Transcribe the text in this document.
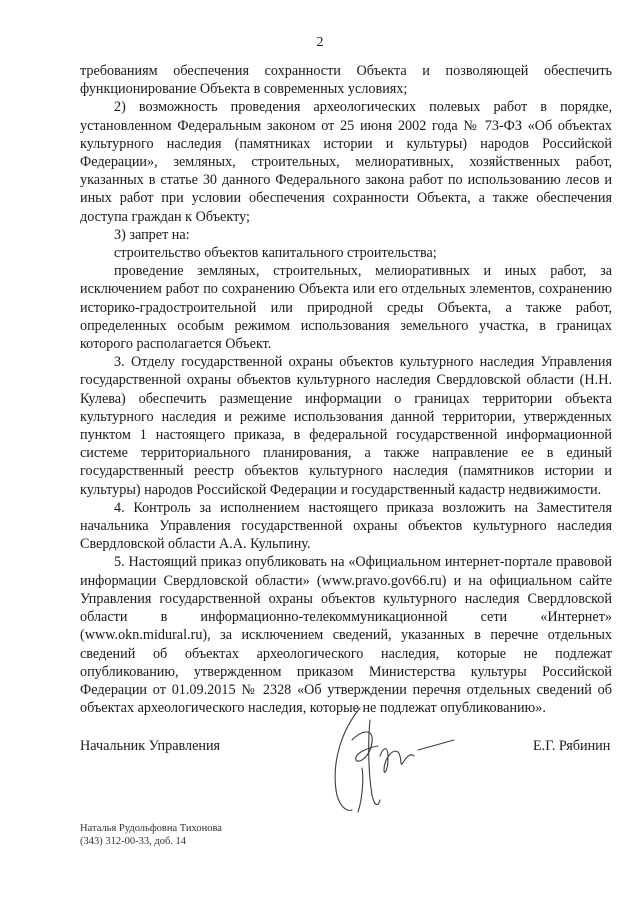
2

требованиям обеспечения сохранности Объекта и позволяющей обеспечить функционирование Объекта в современных условиях;

2) возможность проведения археологических полевых работ в порядке, установленном Федеральным законом от 25 июня 2002 года № 73-ФЗ «Об объектах культурного наследия (памятниках истории и культуры) народов Российской Федерации», земляных, строительных, мелиоративных, хозяйственных работ, указанных в статье 30 данного Федерального закона работ по использованию лесов и иных работ при условии обеспечения сохранности Объекта, а также обеспечения доступа граждан к Объекту;

3) запрет на:

строительство объектов капитального строительства;

проведение земляных, строительных, мелиоративных и иных работ, за исключением работ по сохранению Объекта или его отдельных элементов, сохранению историко-градостроительной или природной среды Объекта, а также работ, определенных особым режимом использования земельного участка, в границах которого располагается Объект.

3. Отделу государственной охраны объектов культурного наследия Управления государственной охраны объектов культурного наследия Свердловской области (Н.Н. Кулева) обеспечить размещение информации о границах территории объекта культурного наследия и режиме использования данной территории, утвержденных пунктом 1 настоящего приказа, в федеральной государственной информационной системе территориального планирования, а также направление ее в единый государственный реестр объектов культурного наследия (памятников истории и культуры) народов Российской Федерации и государственный кадастр недвижимости.

4. Контроль за исполнением настоящего приказа возложить на Заместителя начальника Управления государственной охраны объектов культурного наследия Свердловской области А.А. Кульпину.

5. Настоящий приказ опубликовать на «Официальном интернет-портале правовой информации Свердловской области» (www.pravo.gov66.ru) и на официальном сайте Управления государственной охраны объектов культурного наследия Свердловской области в информационно-телекоммуникационной сети «Интернет» (www.okn.midural.ru), за исключением сведений, указанных в перечне отдельных сведений об объектах археологического наследия, которые не подлежат опубликованию, утвержденном приказом Министерства культуры Российской Федерации от 01.09.2015 № 2328 «Об утверждении перечня отдельных сведений об объектах археологического наследия, которые не подлежат опубликованию».

Начальник Управления	Е.Г. Рябинин
Наталья Рудольфовна Тихонова
(343) 312-00-33, доб. 14
